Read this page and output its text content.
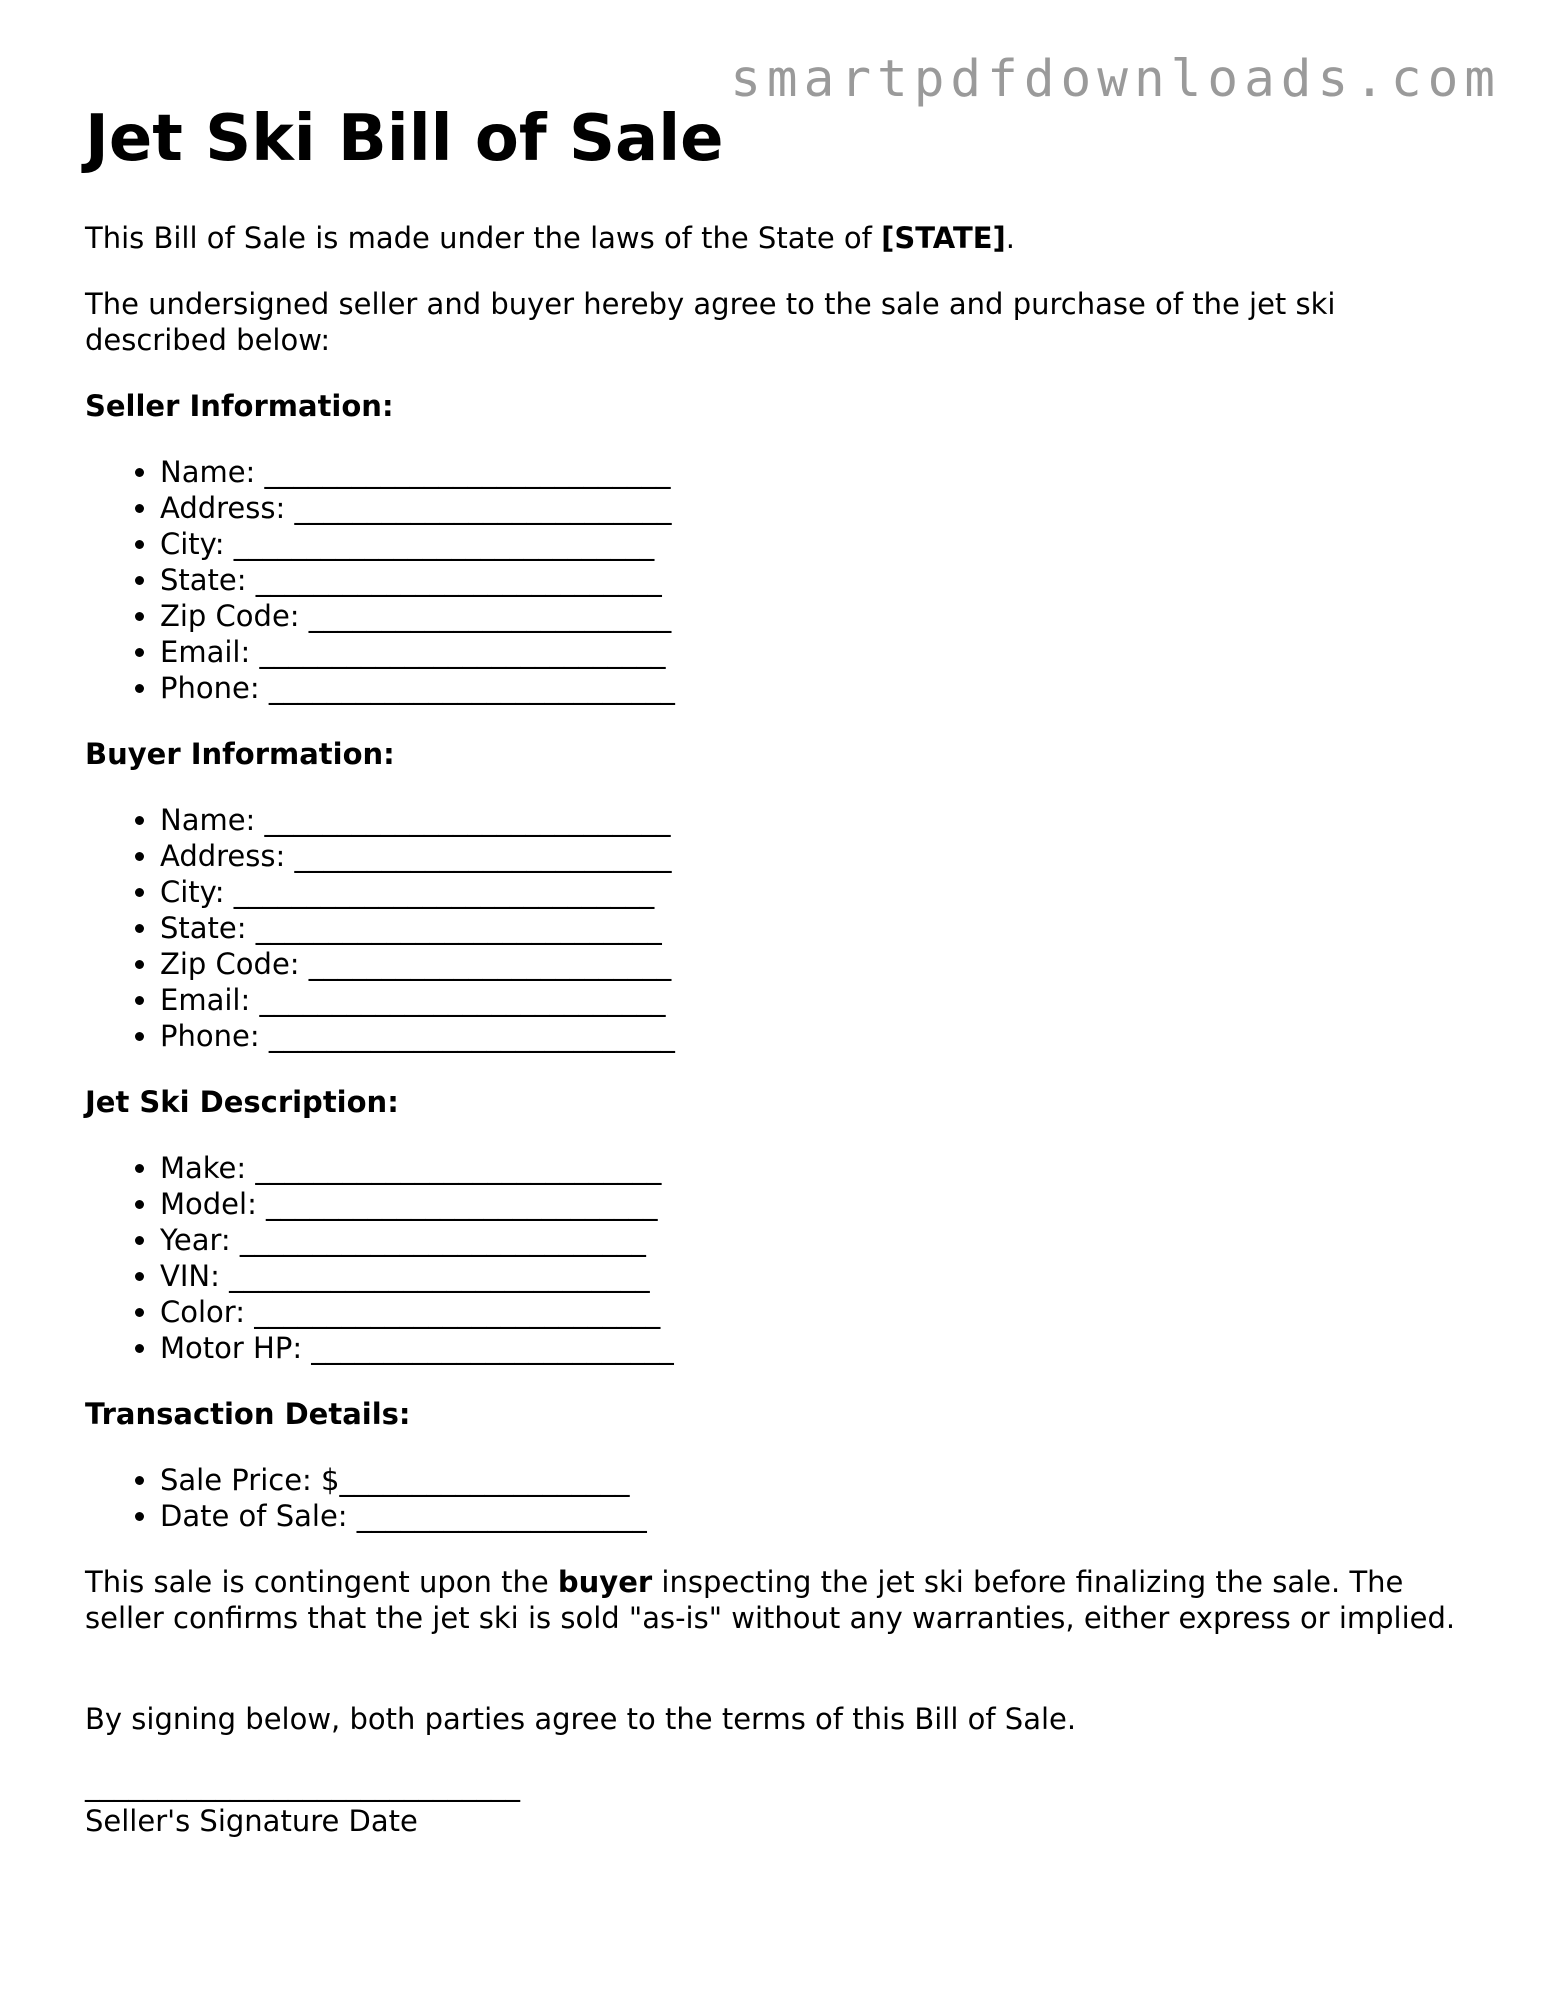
smartpdfdownloads.com
Jet Ski Bill of Sale

This Bill of Sale is made under the laws of the State of [STATE].

The undersigned seller and buyer hereby agree to the sale and purchase of the jet ski described below:

Seller Information:

• Name: ____________________________
• Address: __________________________
• City: _____________________________
• State: ____________________________
• Zip Code: _________________________
• Email: ____________________________
• Phone: ____________________________

Buyer Information:

• Name: ____________________________
• Address: __________________________
• City: _____________________________
• State: ____________________________
• Zip Code: _________________________
• Email: ____________________________
• Phone: ____________________________

Jet Ski Description:

• Make: ____________________________
• Model: ___________________________
• Year: ____________________________
• VIN: _____________________________
• Color: ____________________________
• Motor HP: _________________________

Transaction Details:

• Sale Price: $____________________
• Date of Sale: ____________________

This sale is contingent upon the buyer inspecting the jet ski before finalizing the sale. The seller confirms that the jet ski is sold "as-is" without any warranties, either express or implied.

By signing below, both parties agree to the terms of this Bill of Sale.

______________________________
Seller's Signature Date
